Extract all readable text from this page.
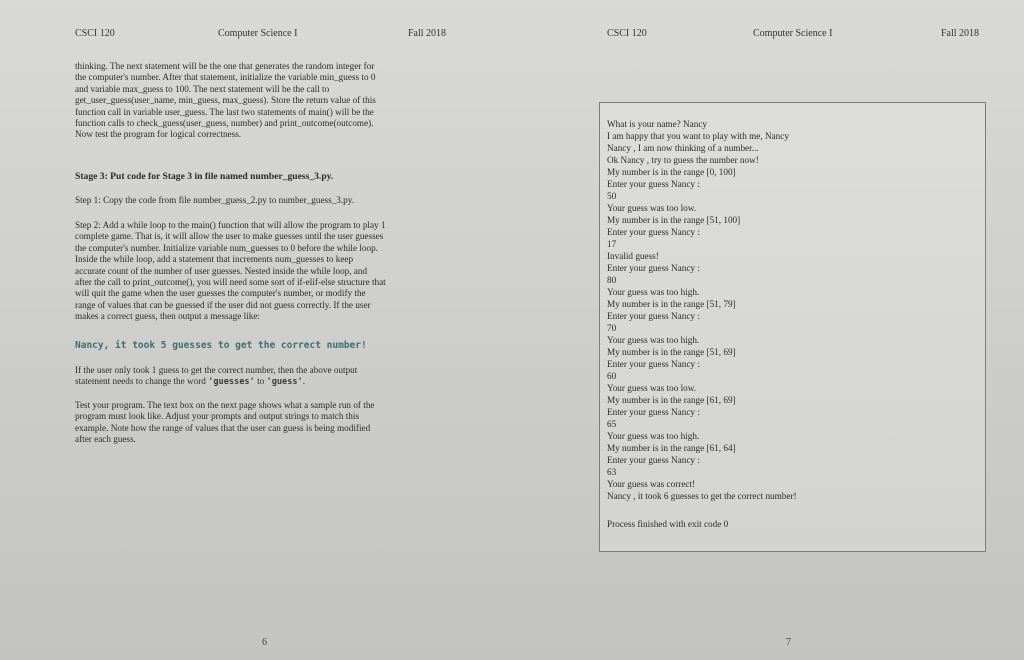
CSCI 120	Computer Science I	Fall 2018

thinking. The next statement will be the one that generates the random integer for

the computer's number. After that statement, initialize the variable min_guess to 0

and variable max_guess to 100. The next statement will be the call to

get_user_guess(user_name, min_guess, max_guess). Store the return value of this

function call in variable user_guess. The last two statements of main() will be the

function calls to check_guess(user_guess, number) and print_outcome(outcome).

Now test the program for logical correctness.

Stage 3: Put code for Stage 3 in file named number_guess_3.py.
Step 1: Copy the code from file number_guess_2.py to number_guess_3.py.

Step 2: Add a while loop to the main() function that will allow the program to play 1

complete game. That is, it will allow the user to make guesses until the user guesses

the computer's number. Initialize variable num_guesses to 0 before the while loop.

Inside the while loop, add a statement that increments num_guesses to keep

accurate count of the number of user guesses. Nested inside the while loop, and

after the call to print_outcome(), you will need some sort of if-elif-else structure that

will quit the game when the user guesses the computer's number, or modify the

range of values that can be guessed if the user did not guess correctly. If the user

makes a correct guess, then output a message like:

Nancy, it took 5 guesses to get the correct number!

If the user only took 1 guess to get the correct number, then the above output

statement needs to change the word 'guesses' to 'guess'.

Test your program. The text box on the next page shows what a sample run of the

program must look like. Adjust your prompts and output strings to match this

example. Note how the range of values that the user can guess is being modified

after each guess.

6
CSCI 120	Computer Science I	Fall 2018
7
What is your name? Nancy
I am happy that you want to play with me, Nancy
Nancy , I am now thinking of a number...
Ok Nancy , try to guess the number now!
My number is in the range [0, 100]
Enter your guess Nancy :
50
Your guess was too low.
My number is in the range [51, 100]
Enter your guess Nancy :
17
Invalid guess!
Enter your guess Nancy :
80
Your guess was too high.
My number is in the range [51, 79]
Enter your guess Nancy :
70
Your guess was too high.
My number is in the range [51, 69]
Enter your guess Nancy :
60
Your guess was too low.
My number is in the range [61, 69]
Enter your guess Nancy :
65
Your guess was too high.
My number is in the range [61, 64]
Enter your guess Nancy :
63
Your guess was correct!
Nancy , it took 6 guesses to get the correct number!
Process finished with exit code 0
